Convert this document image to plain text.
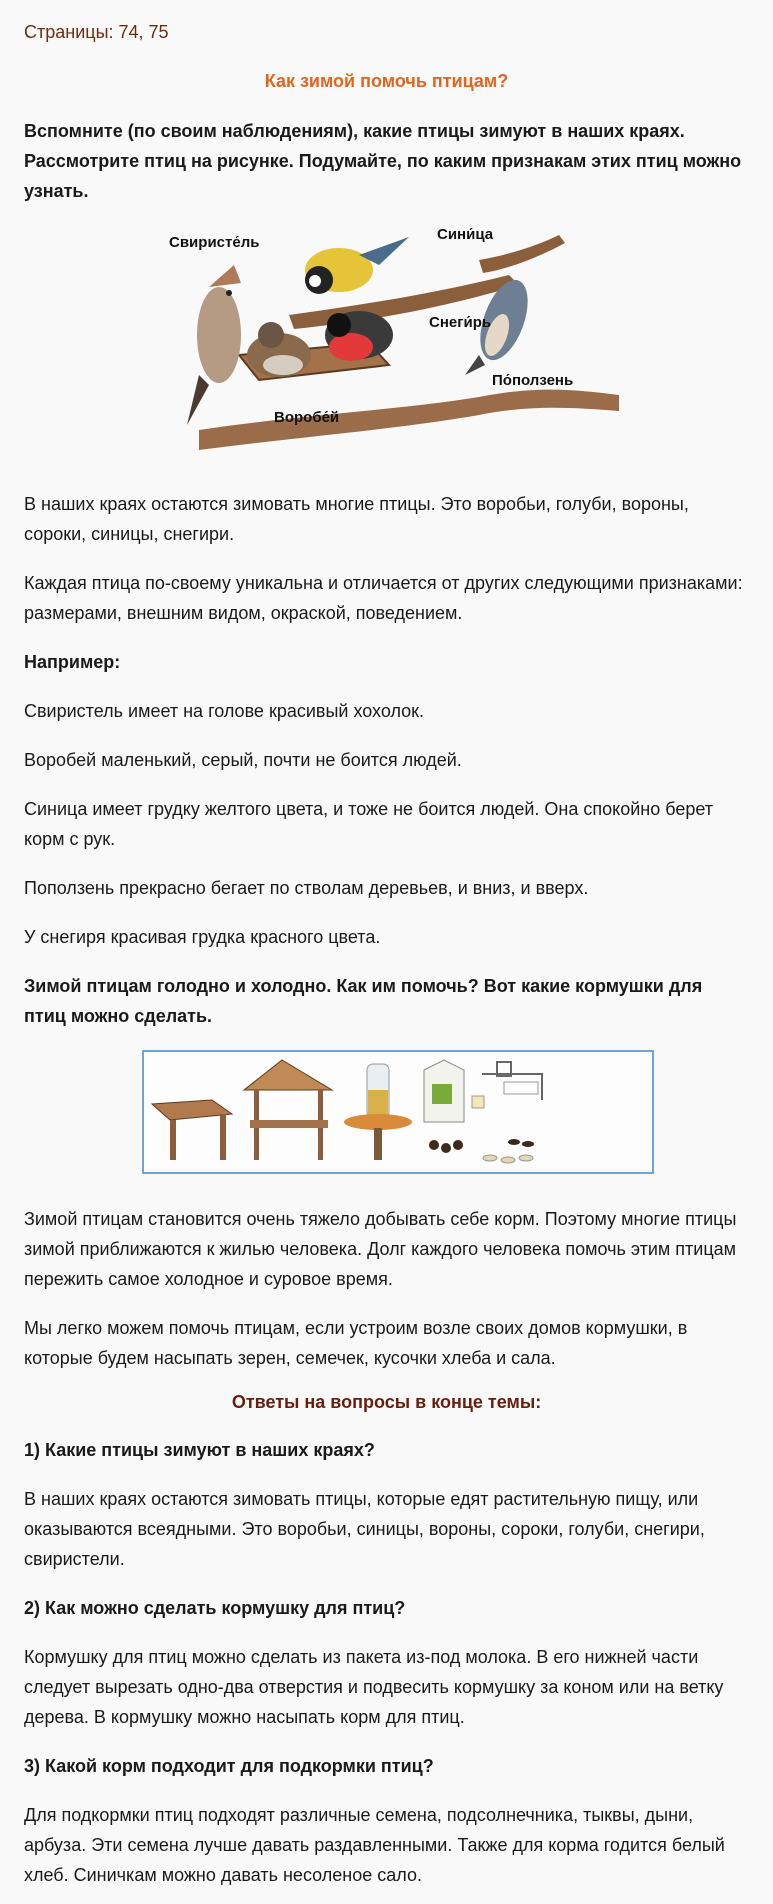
Страницы: 74, 75
Как зимой помочь птицам?

Вспомните (по своим наблюдениям), какие птицы зимуют в наших краях. Рассмотрите птиц на рисунке. Подумайте, по каким признакам этих птиц можно узнать.

Свиристе́ль	Сини́ца
Снеги́рь
По́ползень
Воробе́й

В наших краях остаются зимовать многие птицы. Это воробьи, голуби, вороны, сороки, синицы, снегири.

Каждая птица по-своему уникальна и отличается от других следующими признаками: размерами, внешним видом, окраской, поведением.

Например:

Свиристель имеет на голове красивый хохолок.

Воробей маленький, серый, почти не боится людей.

Синица имеет грудку желтого цвета, и тоже не боится людей. Она спокойно берет корм с рук.

Поползень прекрасно бегает по стволам деревьев, и вниз, и вверх.

У снегиря красивая грудка красного цвета.

Зимой птицам голодно и холодно. Как им помочь? Вот какие кормушки для птиц можно сделать.

Зимой птицам становится очень тяжело добывать себе корм. Поэтому многие птицы зимой приближаются к жилью человека. Долг каждого человека помочь этим птицам пережить самое холодное и суровое время.

Мы легко можем помочь птицам, если устроим возле своих домов кормушки, в которые будем насыпать зерен, семечек, кусочки хлеба и сала.

Ответы на вопросы в конце темы:

1) Какие птицы зимуют в наших краях?

В наших краях остаются зимовать птицы, которые едят растительную пищу, или оказываются всеядными. Это воробьи, синицы, вороны, сороки, голуби, снегири, свиристели.

2) Как можно сделать кормушку для птиц?

Кормушку для птиц можно сделать из пакета из-под молока. В его нижней части следует вырезать одно-два отверстия и подвесить кормушку за коном или на ветку дерева. В кормушку можно насыпать корм для птиц.

3) Какой корм подходит для подкормки птиц?

Для подкормки птиц подходят различные семена, подсолнечника, тыквы, дыни, арбуза. Эти семена лучше давать раздавленными. Также для корма годится белый хлеб. Синичкам можно давать несоленое сало.
